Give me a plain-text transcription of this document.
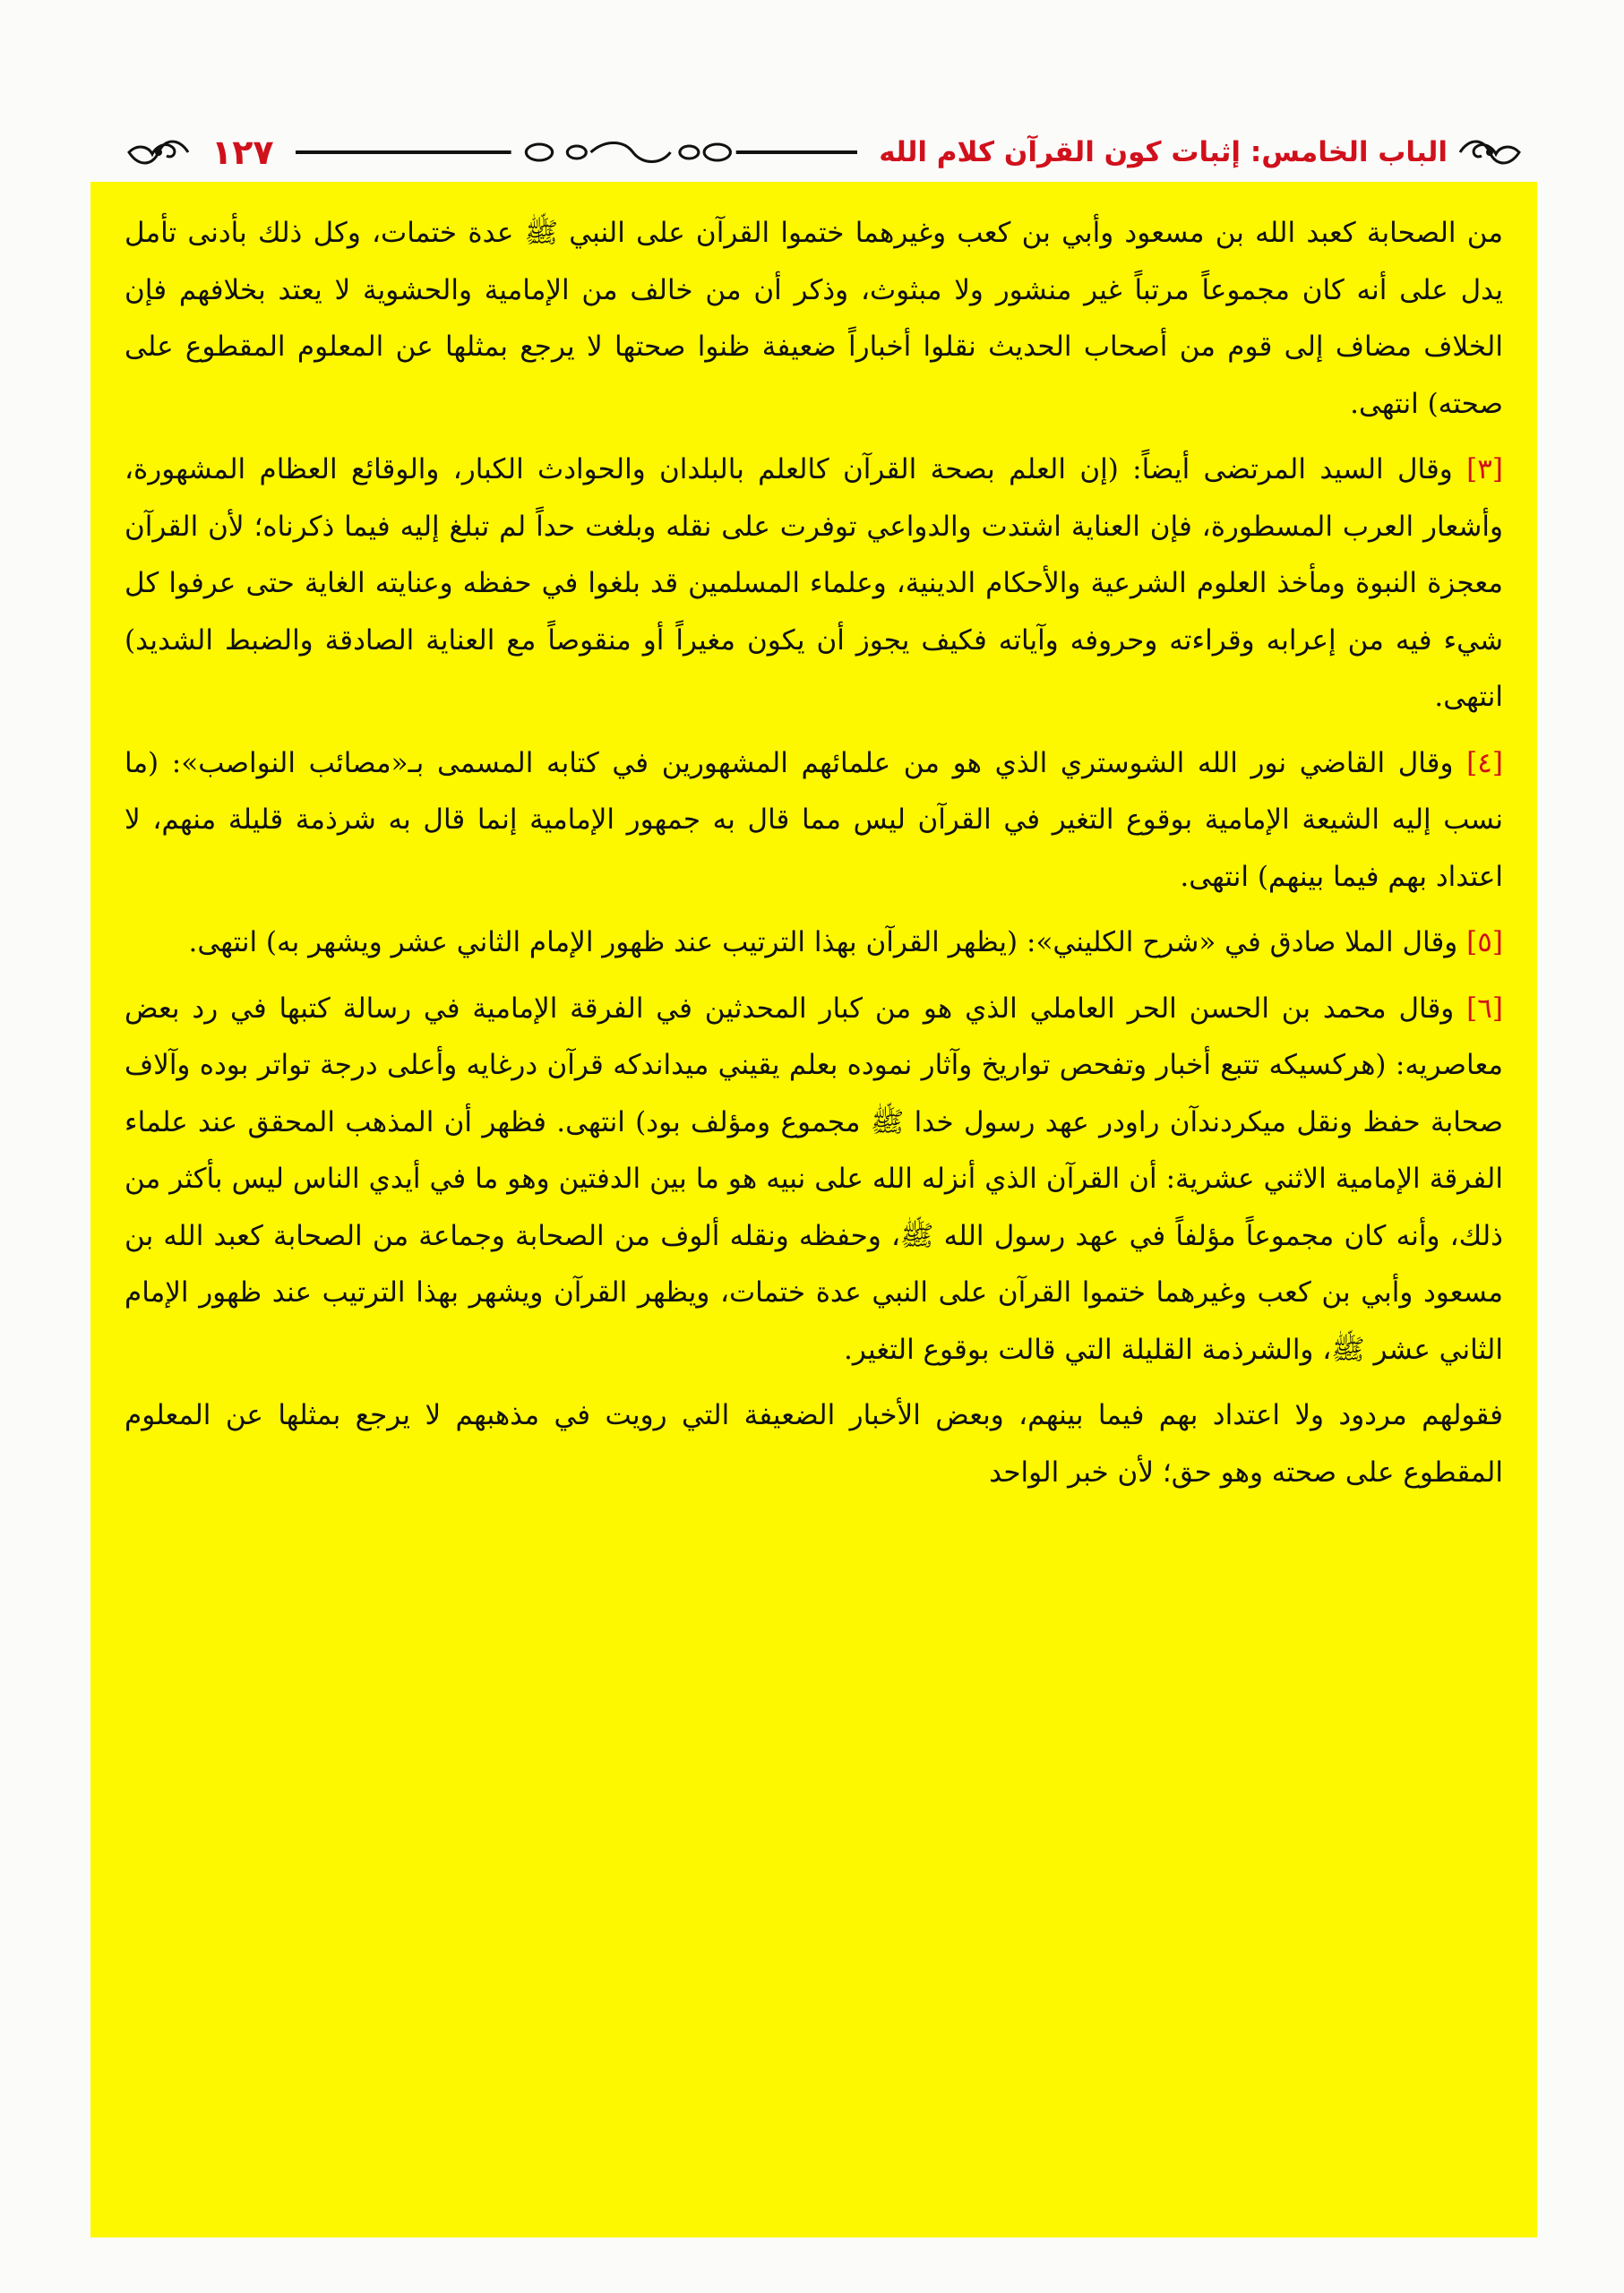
الباب الخامس: إثبات كون القرآن كلام الله
١٢٧

من الصحابة كعبد الله بن مسعود وأبي بن كعب وغيرهما ختموا القرآن على النبي ﷺ عدة ختمات، وكل ذلك بأدنى تأمل يدل على أنه كان مجموعاً مرتباً غير منشور ولا مبثوث، وذكر أن من خالف من الإمامية والحشوية لا يعتد بخلافهم فإن الخلاف مضاف إلى قوم من أصحاب الحديث نقلوا أخباراً ضعيفة ظنوا صحتها لا يرجع بمثلها عن المعلوم المقطوع على صحته) انتهى.

[٣] وقال السيد المرتضى أيضاً: (إن العلم بصحة القرآن كالعلم بالبلدان والحوادث الكبار، والوقائع العظام المشهورة، وأشعار العرب المسطورة، فإن العناية اشتدت والدواعي توفرت على نقله وبلغت حداً لم تبلغ إليه فيما ذكرناه؛ لأن القرآن معجزة النبوة ومأخذ العلوم الشرعية والأحكام الدينية، وعلماء المسلمين قد بلغوا في حفظه وعنايته الغاية حتى عرفوا كل شيء فيه من إعرابه وقراءته وحروفه وآياته فكيف يجوز أن يكون مغيراً أو منقوصاً مع العناية الصادقة والضبط الشديد) انتهى.

[٤] وقال القاضي نور الله الشوستري الذي هو من علمائهم المشهورين في كتابه المسمى بـ«مصائب النواصب»: (ما نسب إليه الشيعة الإمامية بوقوع التغير في القرآن ليس مما قال به جمهور الإمامية إنما قال به شرذمة قليلة منهم، لا اعتداد بهم فيما بينهم) انتهى.

[٥] وقال الملا صادق في «شرح الكليني»: (يظهر القرآن بهذا الترتيب عند ظهور الإمام الثاني عشر ويشهر به) انتهى.

[٦] وقال محمد بن الحسن الحر العاملي الذي هو من كبار المحدثين في الفرقة الإمامية في رسالة كتبها في رد بعض معاصريه: (هركسيكه تتبع أخبار وتفحص تواريخ وآثار نموده بعلم يقيني ميداندكه قرآن درغايه وأعلى درجة تواتر بوده وآلاف صحابة حفظ ونقل ميكردندآن راودر عهد رسول خدا ﷺ مجموع ومؤلف بود) انتهى. فظهر أن المذهب المحقق عند علماء الفرقة الإمامية الاثني عشرية: أن القرآن الذي أنزله الله على نبيه هو ما بين الدفتين وهو ما في أيدي الناس ليس بأكثر من ذلك، وأنه كان مجموعاً مؤلفاً في عهد رسول الله ﷺ، وحفظه ونقله ألوف من الصحابة وجماعة من الصحابة كعبد الله بن مسعود وأبي بن كعب وغيرهما ختموا القرآن على النبي عدة ختمات، ويظهر القرآن ويشهر بهذا الترتيب عند ظهور الإمام الثاني عشر ﷺ، والشرذمة القليلة التي قالت بوقوع التغير.

فقولهم مردود ولا اعتداد بهم فيما بينهم، وبعض الأخبار الضعيفة التي رويت في مذهبهم لا يرجع بمثلها عن المعلوم المقطوع على صحته وهو حق؛ لأن خبر الواحد
